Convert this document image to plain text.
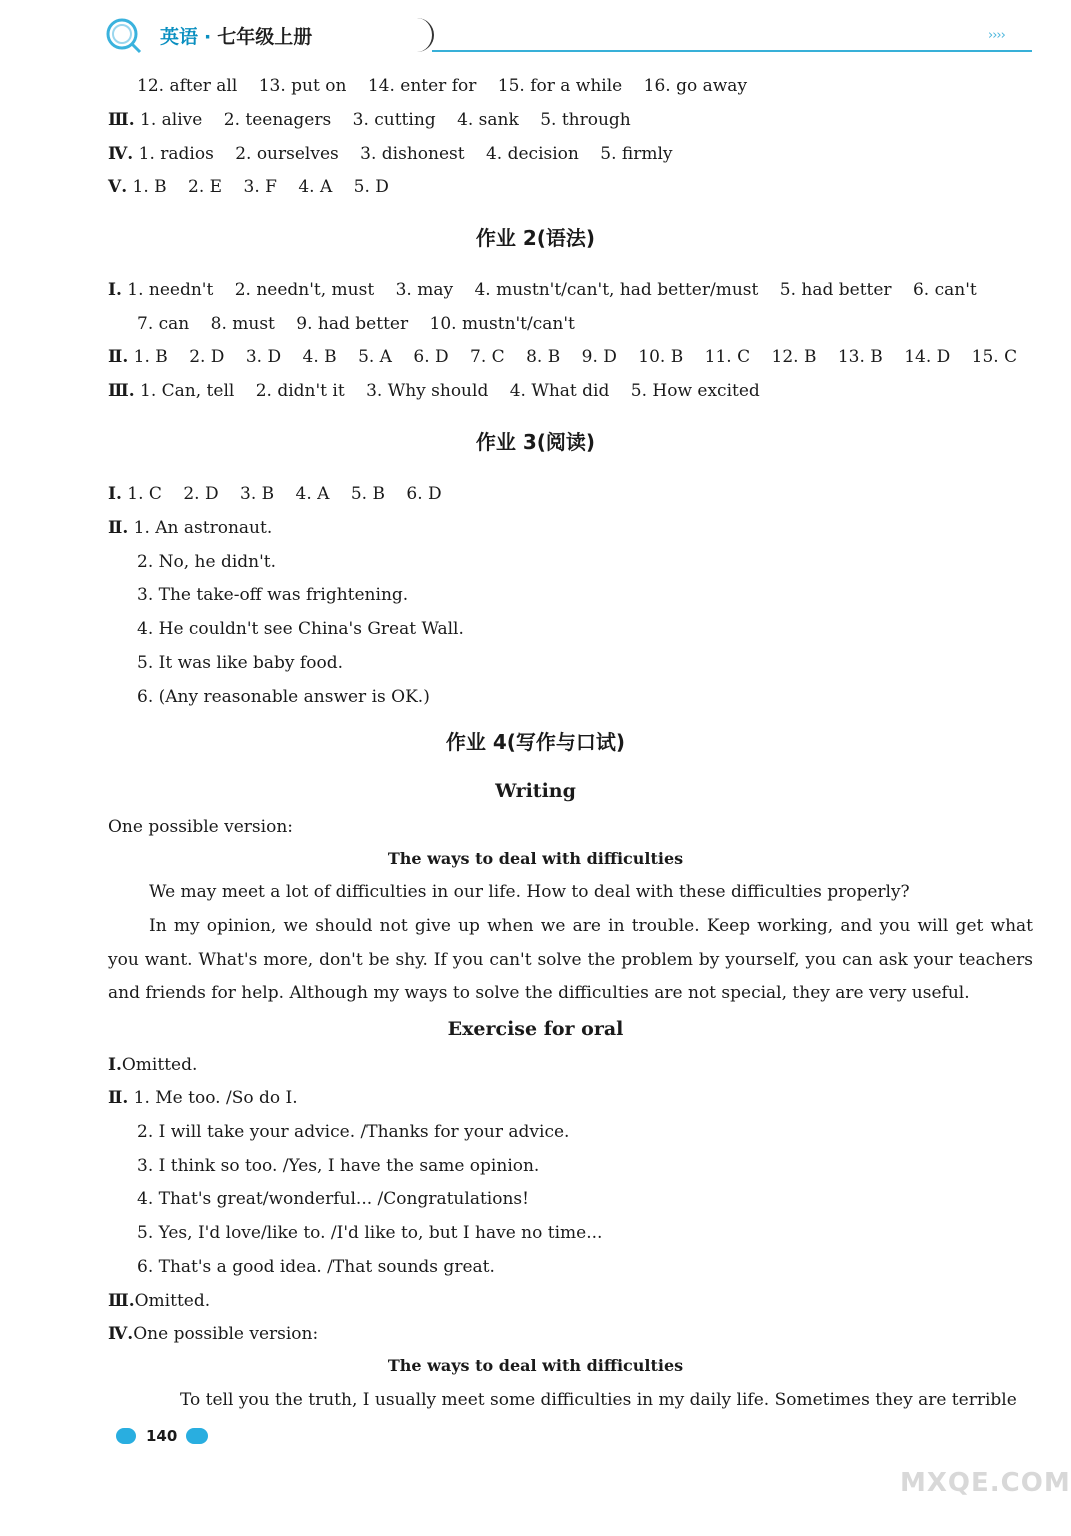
英语 · 七年级上册	››››
12. after all 13. put on 14. enter for 15. for a while 16. go away
Ⅲ. 1. alive 2. teenagers 3. cutting 4. sank 5. through
Ⅳ. 1. radios 2. ourselves 3. dishonest 4. decision 5. firmly
Ⅴ. 1. B 2. E 3. F 4. A 5. D
作业 2(语法)
Ⅰ. 1. needn't 2. needn't, must 3. may 4. mustn't/can't, had better/must 5. had better 6. can't
7. can 8. must 9. had better 10. mustn't/can't
Ⅱ. 1. B 2. D 3. D 4. B 5. A 6. D 7. C 8. B 9. D 10. B 11. C 12. B 13. B 14. D 15. C
Ⅲ. 1. Can, tell 2. didn't it 3. Why should 4. What did 5. How excited
作业 3(阅读)
Ⅰ. 1. C 2. D 3. B 4. A 5. B 6. D
Ⅱ. 1. An astronaut.
2. No, he didn't.
3. The take-off was frightening.
4. He couldn't see China's Great Wall.
5. It was like baby food.
6. (Any reasonable answer is OK.)
作业 4(写作与口试)
Writing
One possible version:
The ways to deal with difficulties
We may meet a lot of difficulties in our life. How to deal with these difficulties properly?
In my opinion, we should not give up when we are in trouble. Keep working, and you will get what you want. What's more, don't be shy. If you can't solve the problem by yourself, you can ask your teachers and friends for help. Although my ways to solve the difficulties are not special, they are very useful.
Exercise for oral
Ⅰ.Omitted.
Ⅱ. 1. Me too. /So do I.
2. I will take your advice. /Thanks for your advice.
3. I think so too. /Yes, I have the same opinion.
4. That's great/wonderful... /Congratulations!
5. Yes, I'd love/like to. /I'd like to, but I have no time...
6. That's a good idea. /That sounds great.
Ⅲ.Omitted.
Ⅳ.One possible version:
The ways to deal with difficulties
To tell you the truth, I usually meet some difficulties in my daily life. Sometimes they are terrible
140
MXQE.COM
